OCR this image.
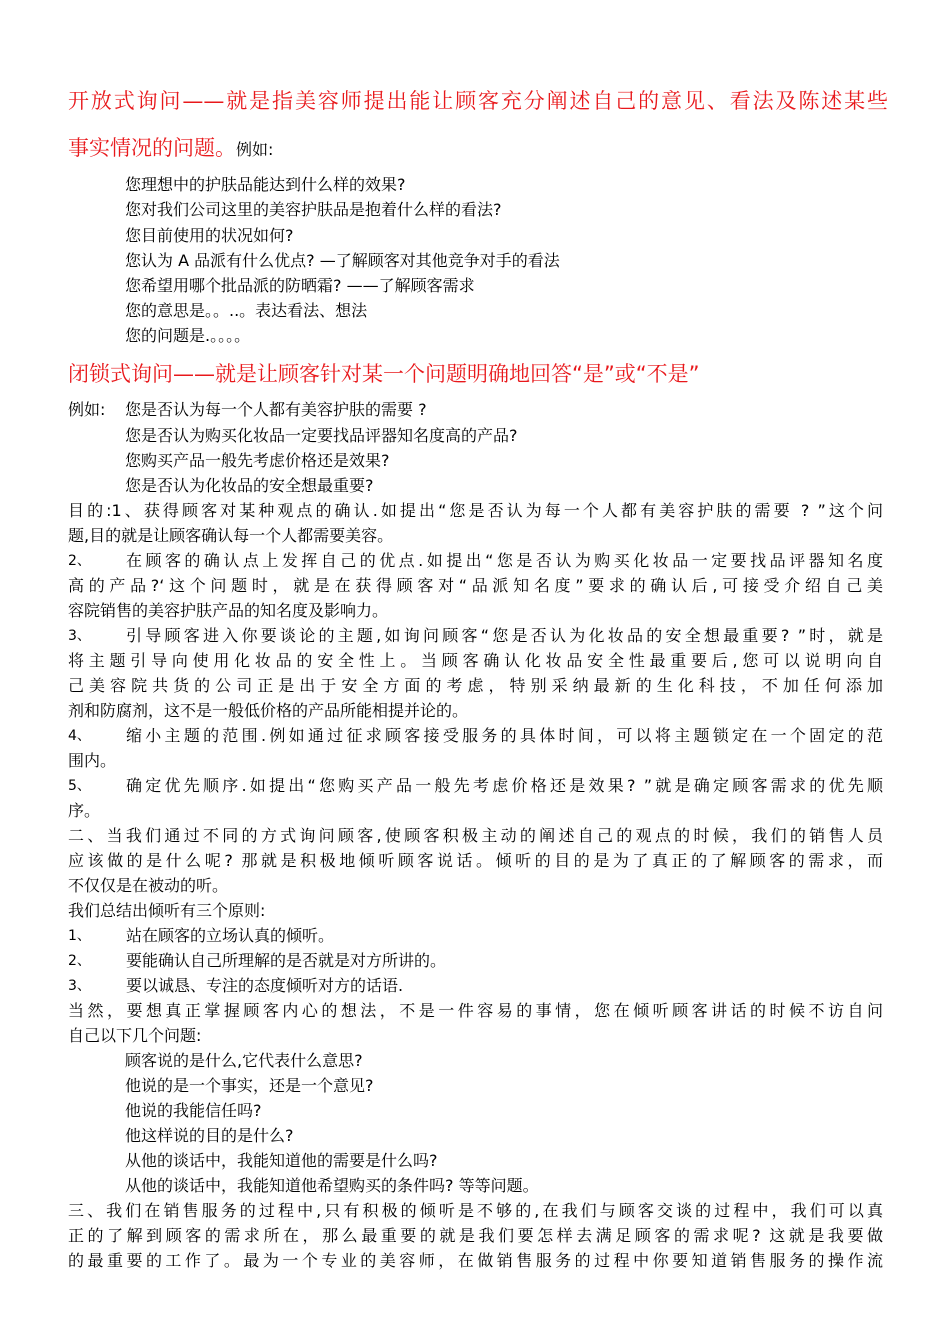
开放式询问——就是指美容师提出能让顾客充分阐述自己的意见、看法及陈述某些
事实情况的问题。例如:
您理想中的护肤品能达到什么样的效果?
您对我们公司这里的美容护肤品是抱着什么样的看法?
您目前使用的状况如何?
您认为 A 品派有什么优点? —了解顾客对其他竞争对手的看法
您希望用哪个批品派的防晒霜? ——了解顾客需求
您的意思是。。..。表达看法、想法
您的问题是.。。。。
闭锁式询问——就是让顾客针对某一个问题明确地回答“是”或“不是”
例如: 您是否认为每一个人都有美容护肤的需要 ?
您是否认为购买化妆品一定要找品评器知名度高的产品?
您购买产品一般先考虑价格还是效果?
您是否认为化妆品的安全想最重要?
目的:1、获得顾客对某种观点的确认.如提出“您是否认为每一个人都有美容护肤的需要 ? ”这个问
题,目的就是让顾客确认每一个人都需要美容。
2、 在顾客的确认点上发挥自己的优点.如提出“您是否认为购买化妆品一定要找品评器知名度
高的产品?‘这个问题时，就是在获得顾客对“品派知名度”要求的确认后,可接受介绍自己美
容院销售的美容护肤产品的知名度及影响力。
3、 引导顾客进入你要谈论的主题,如询问顾客“您是否认为化妆品的安全想最重要? ”时，就是
将主题引导向使用化妆品的安全性上。当顾客确认化妆品安全性最重要后,您可以说明向自
己美容院共货的公司正是出于安全方面的考虑，特别采纳最新的生化科技，不加任何添加
剂和防腐剂，这不是一般低价格的产品所能相提并论的。
4、 缩小主题的范围.例如通过征求顾客接受服务的具体时间，可以将主题锁定在一个固定的范
围内。
5、 确定优先顺序.如提出“您购买产品一般先考虑价格还是效果? ”就是确定顾客需求的优先顺
序。
二、当我们通过不同的方式询问顾客,使顾客积极主动的阐述自己的观点的时候，我们的销售人员
应该做的是什么呢? 那就是积极地倾听顾客说话。倾听的目的是为了真正的了解顾客的需求，而
不仅仅是在被动的听。
我们总结出倾听有三个原则:
1、 站在顾客的立场认真的倾听。
2、 要能确认自己所理解的是否就是对方所讲的。
3、 要以诚恳、专注的态度倾听对方的话语.
当然，要想真正掌握顾客内心的想法，不是一件容易的事情，您在倾听顾客讲话的时候不访自问
自己以下几个问题:
顾客说的是什么,它代表什么意思?
他说的是一个事实，还是一个意见?
他说的我能信任吗?
他这样说的目的是什么?
从他的谈话中，我能知道他的需要是什么吗?
从他的谈话中，我能知道他希望购买的条件吗? 等等问题。
三、我们在销售服务的过程中,只有积极的倾听是不够的,在我们与顾客交谈的过程中，我们可以真
正的了解到顾客的需求所在，那么最重要的就是我们要怎样去满足顾客的需求呢? 这就是我要做
的最重要的工作了。最为一个专业的美容师，在做销售服务的过程中你要知道销售服务的操作流
